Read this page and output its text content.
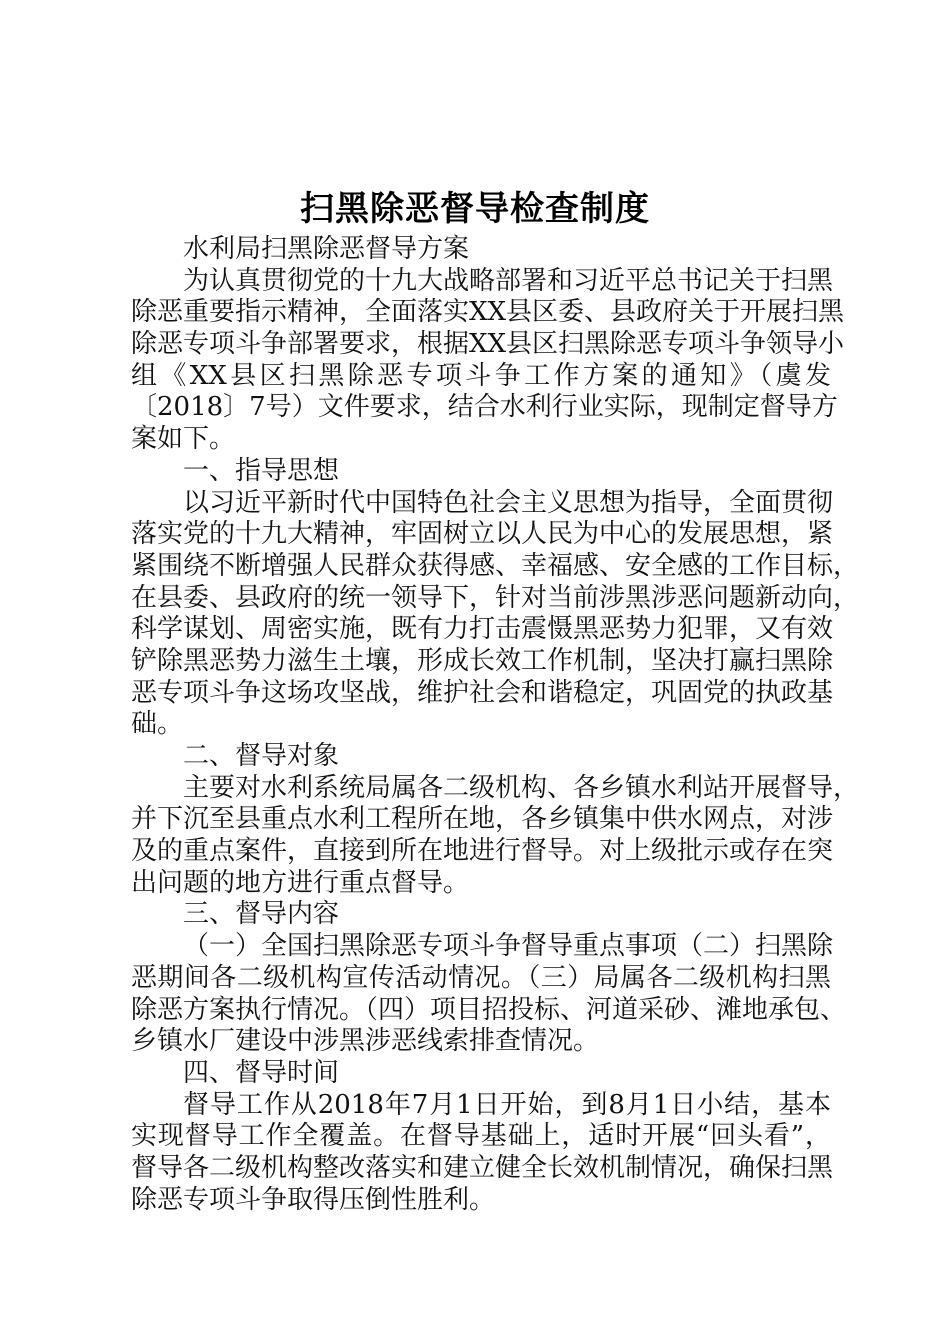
扫黑除恶督导检查制度
水利局扫黑除恶督导方案
为认真贯彻党的十九大战略部署和习近平总书记关于扫黑
除恶重要指示精神，全面落实XX县区委、县政府关于开展扫黑
除恶专项斗争部署要求，根据XX县区扫黑除恶专项斗争领导小
组《XX县区扫黑除恶专项斗争工作方案的通知》（虞发
〔2018〕7号）文件要求，结合水利行业实际，现制定督导方
案如下。
一、指导思想
以习近平新时代中国特色社会主义思想为指导，全面贯彻
落实党的十九大精神，牢固树立以人民为中心的发展思想，紧
紧围绕不断增强人民群众获得感、幸福感、安全感的工作目标，
在县委、县政府的统一领导下，针对当前涉黑涉恶问题新动向，
科学谋划、周密实施，既有力打击震慑黑恶势力犯罪，又有效
铲除黑恶势力滋生土壤，形成长效工作机制，坚决打赢扫黑除
恶专项斗争这场攻坚战，维护社会和谐稳定，巩固党的执政基
础。
二、督导对象
主要对水利系统局属各二级机构、各乡镇水利站开展督导，
并下沉至县重点水利工程所在地，各乡镇集中供水网点，对涉
及的重点案件，直接到所在地进行督导。对上级批示或存在突
出问题的地方进行重点督导。
三、督导内容
（一）全国扫黑除恶专项斗争督导重点事项（二）扫黑除
恶期间各二级机构宣传活动情况。（三）局属各二级机构扫黑
除恶方案执行情况。（四）项目招投标、河道采砂、滩地承包、
乡镇水厂建设中涉黑涉恶线索排查情况。
四、督导时间
督导工作从2018年7月1日开始，到8月1日小结，基本
实现督导工作全覆盖。在督导基础上，适时开展“回头看”，
督导各二级机构整改落实和建立健全长效机制情况，确保扫黑
除恶专项斗争取得压倒性胜利。
